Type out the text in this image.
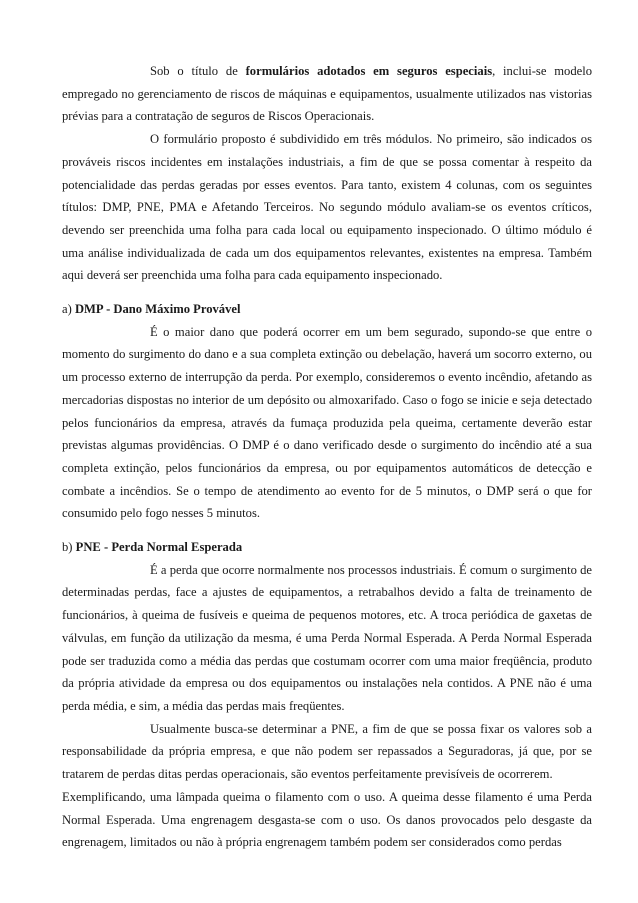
Sob o título de formulários adotados em seguros especiais, inclui-se modelo empregado no gerenciamento de riscos de máquinas e equipamentos, usualmente utilizados nas vistorias prévias para a contratação de seguros de Riscos Operacionais.

O formulário proposto é subdividido em três módulos. No primeiro, são indicados os prováveis riscos incidentes em instalações industriais, a fim de que se possa comentar à respeito da potencialidade das perdas geradas por esses eventos. Para tanto, existem 4 colunas, com os seguintes títulos: DMP, PNE, PMA e Afetando Terceiros. No segundo módulo avaliam-se os eventos críticos, devendo ser preenchida uma folha para cada local ou equipamento inspecionado. O último módulo é uma análise individualizada de cada um dos equipamentos relevantes, existentes na empresa. Também aqui deverá ser preenchida uma folha para cada equipamento inspecionado.

a) DMP - Dano Máximo Provável

É o maior dano que poderá ocorrer em um bem segurado, supondo-se que entre o momento do surgimento do dano e a sua completa extinção ou debelação, haverá um socorro externo, ou um processo externo de interrupção da perda. Por exemplo, consideremos o evento incêndio, afetando as mercadorias dispostas no interior de um depósito ou almoxarifado. Caso o fogo se inicie e seja detectado pelos funcionários da empresa, através da fumaça produzida pela queima, certamente deverão estar previstas algumas providências. O DMP é o dano verificado desde o surgimento do incêndio até a sua completa extinção, pelos funcionários da empresa, ou por equipamentos automáticos de detecção e combate a incêndios. Se o tempo de atendimento ao evento for de 5 minutos, o DMP será o que for consumido pelo fogo nesses 5 minutos.

b) PNE - Perda Normal Esperada

É a perda que ocorre normalmente nos processos industriais. É comum o surgimento de determinadas perdas, face a ajustes de equipamentos, a retrabalhos devido a falta de treinamento de funcionários, à queima de fusíveis e queima de pequenos motores, etc. A troca periódica de gaxetas de válvulas, em função da utilização da mesma, é uma Perda Normal Esperada. A Perda Normal Esperada pode ser traduzida como a média das perdas que costumam ocorrer com uma maior freqüência, produto da própria atividade da empresa ou dos equipamentos ou instalações nela contidos. A PNE não é uma perda média, e sim, a média das perdas mais freqüentes.

Usualmente busca-se determinar a PNE, a fim de que se possa fixar os valores sob a responsabilidade da própria empresa, e que não podem ser repassados a Seguradoras, já que, por se tratarem de perdas ditas perdas operacionais, são eventos perfeitamente previsíveis de ocorrerem.

Exemplificando, uma lâmpada queima o filamento com o uso. A queima desse filamento é uma Perda Normal Esperada. Uma engrenagem desgasta-se com o uso. Os danos provocados pelo desgaste da engrenagem, limitados ou não à própria engrenagem também podem ser considerados como perdas
